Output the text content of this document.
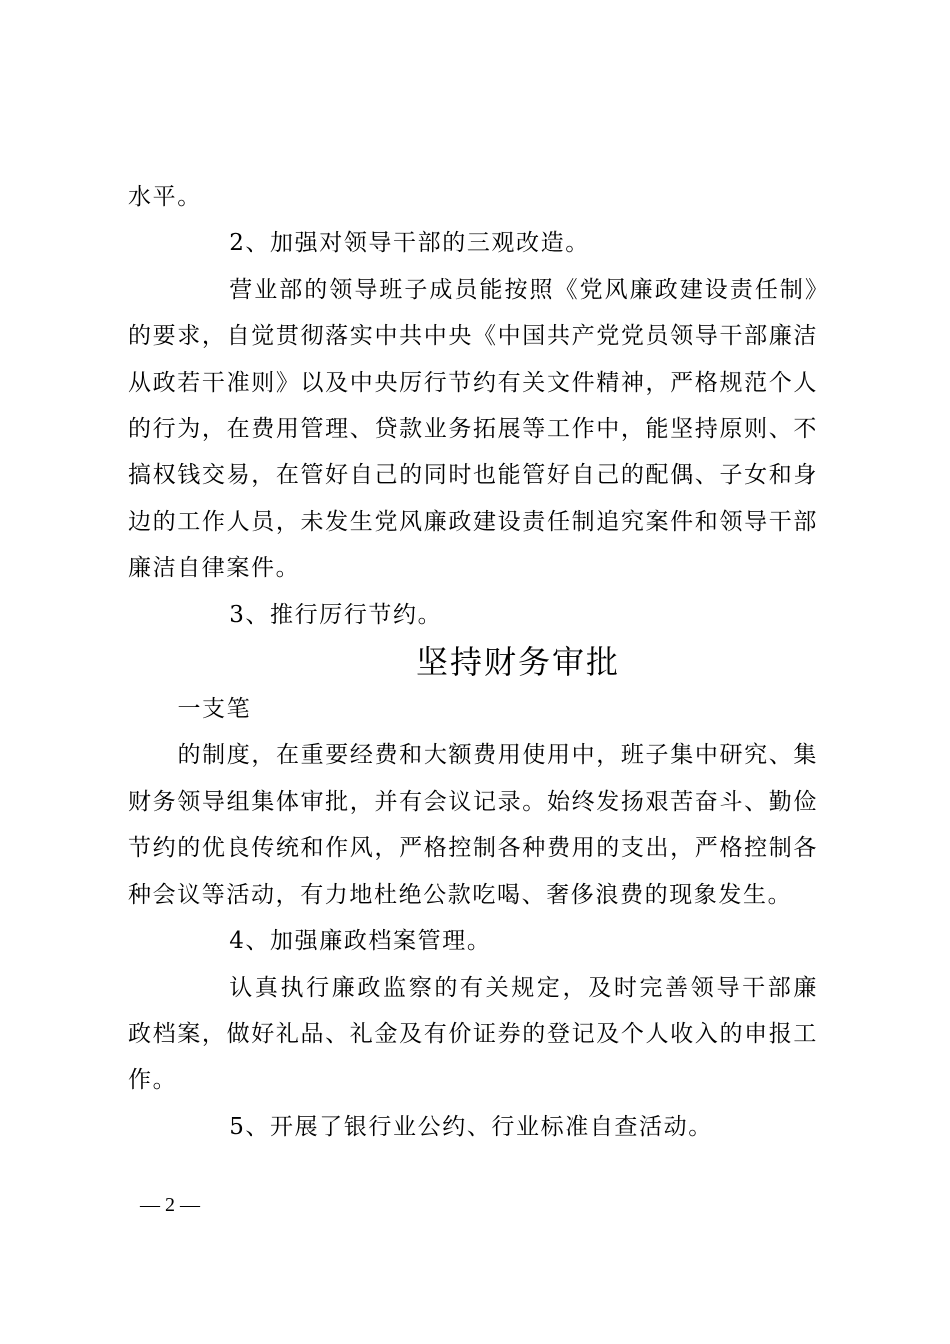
水平。

2、加强对领导干部的三观改造。

营业部的领导班子成员能按照《党风廉政建设责任制》的要求，自觉贯彻落实中共中央《中国共产党党员领导干部廉洁从政若干准则》以及中央厉行节约有关文件精神，严格规范个人的行为，在费用管理、贷款业务拓展等工作中，能坚持原则、不搞权钱交易，在管好自己的同时也能管好自己的配偶、子女和身边的工作人员，未发生党风廉政建设责任制追究案件和领导干部廉洁自律案件。

3、推行厉行节约。

坚持财务审批

一支笔

的制度，在重要经费和大额费用使用中，班子集中研究、集财务领导组集体审批，并有会议记录。始终发扬艰苦奋斗、勤俭节约的优良传统和作风，严格控制各种费用的支出，严格控制各种会议等活动，有力地杜绝公款吃喝、奢侈浪费的现象发生。

4、加强廉政档案管理。

认真执行廉政监察的有关规定，及时完善领导干部廉政档案，做好礼品、礼金及有价证券的登记及个人收入的申报工作。

5、开展了银行业公约、行业标准自查活动。

— 2 —
